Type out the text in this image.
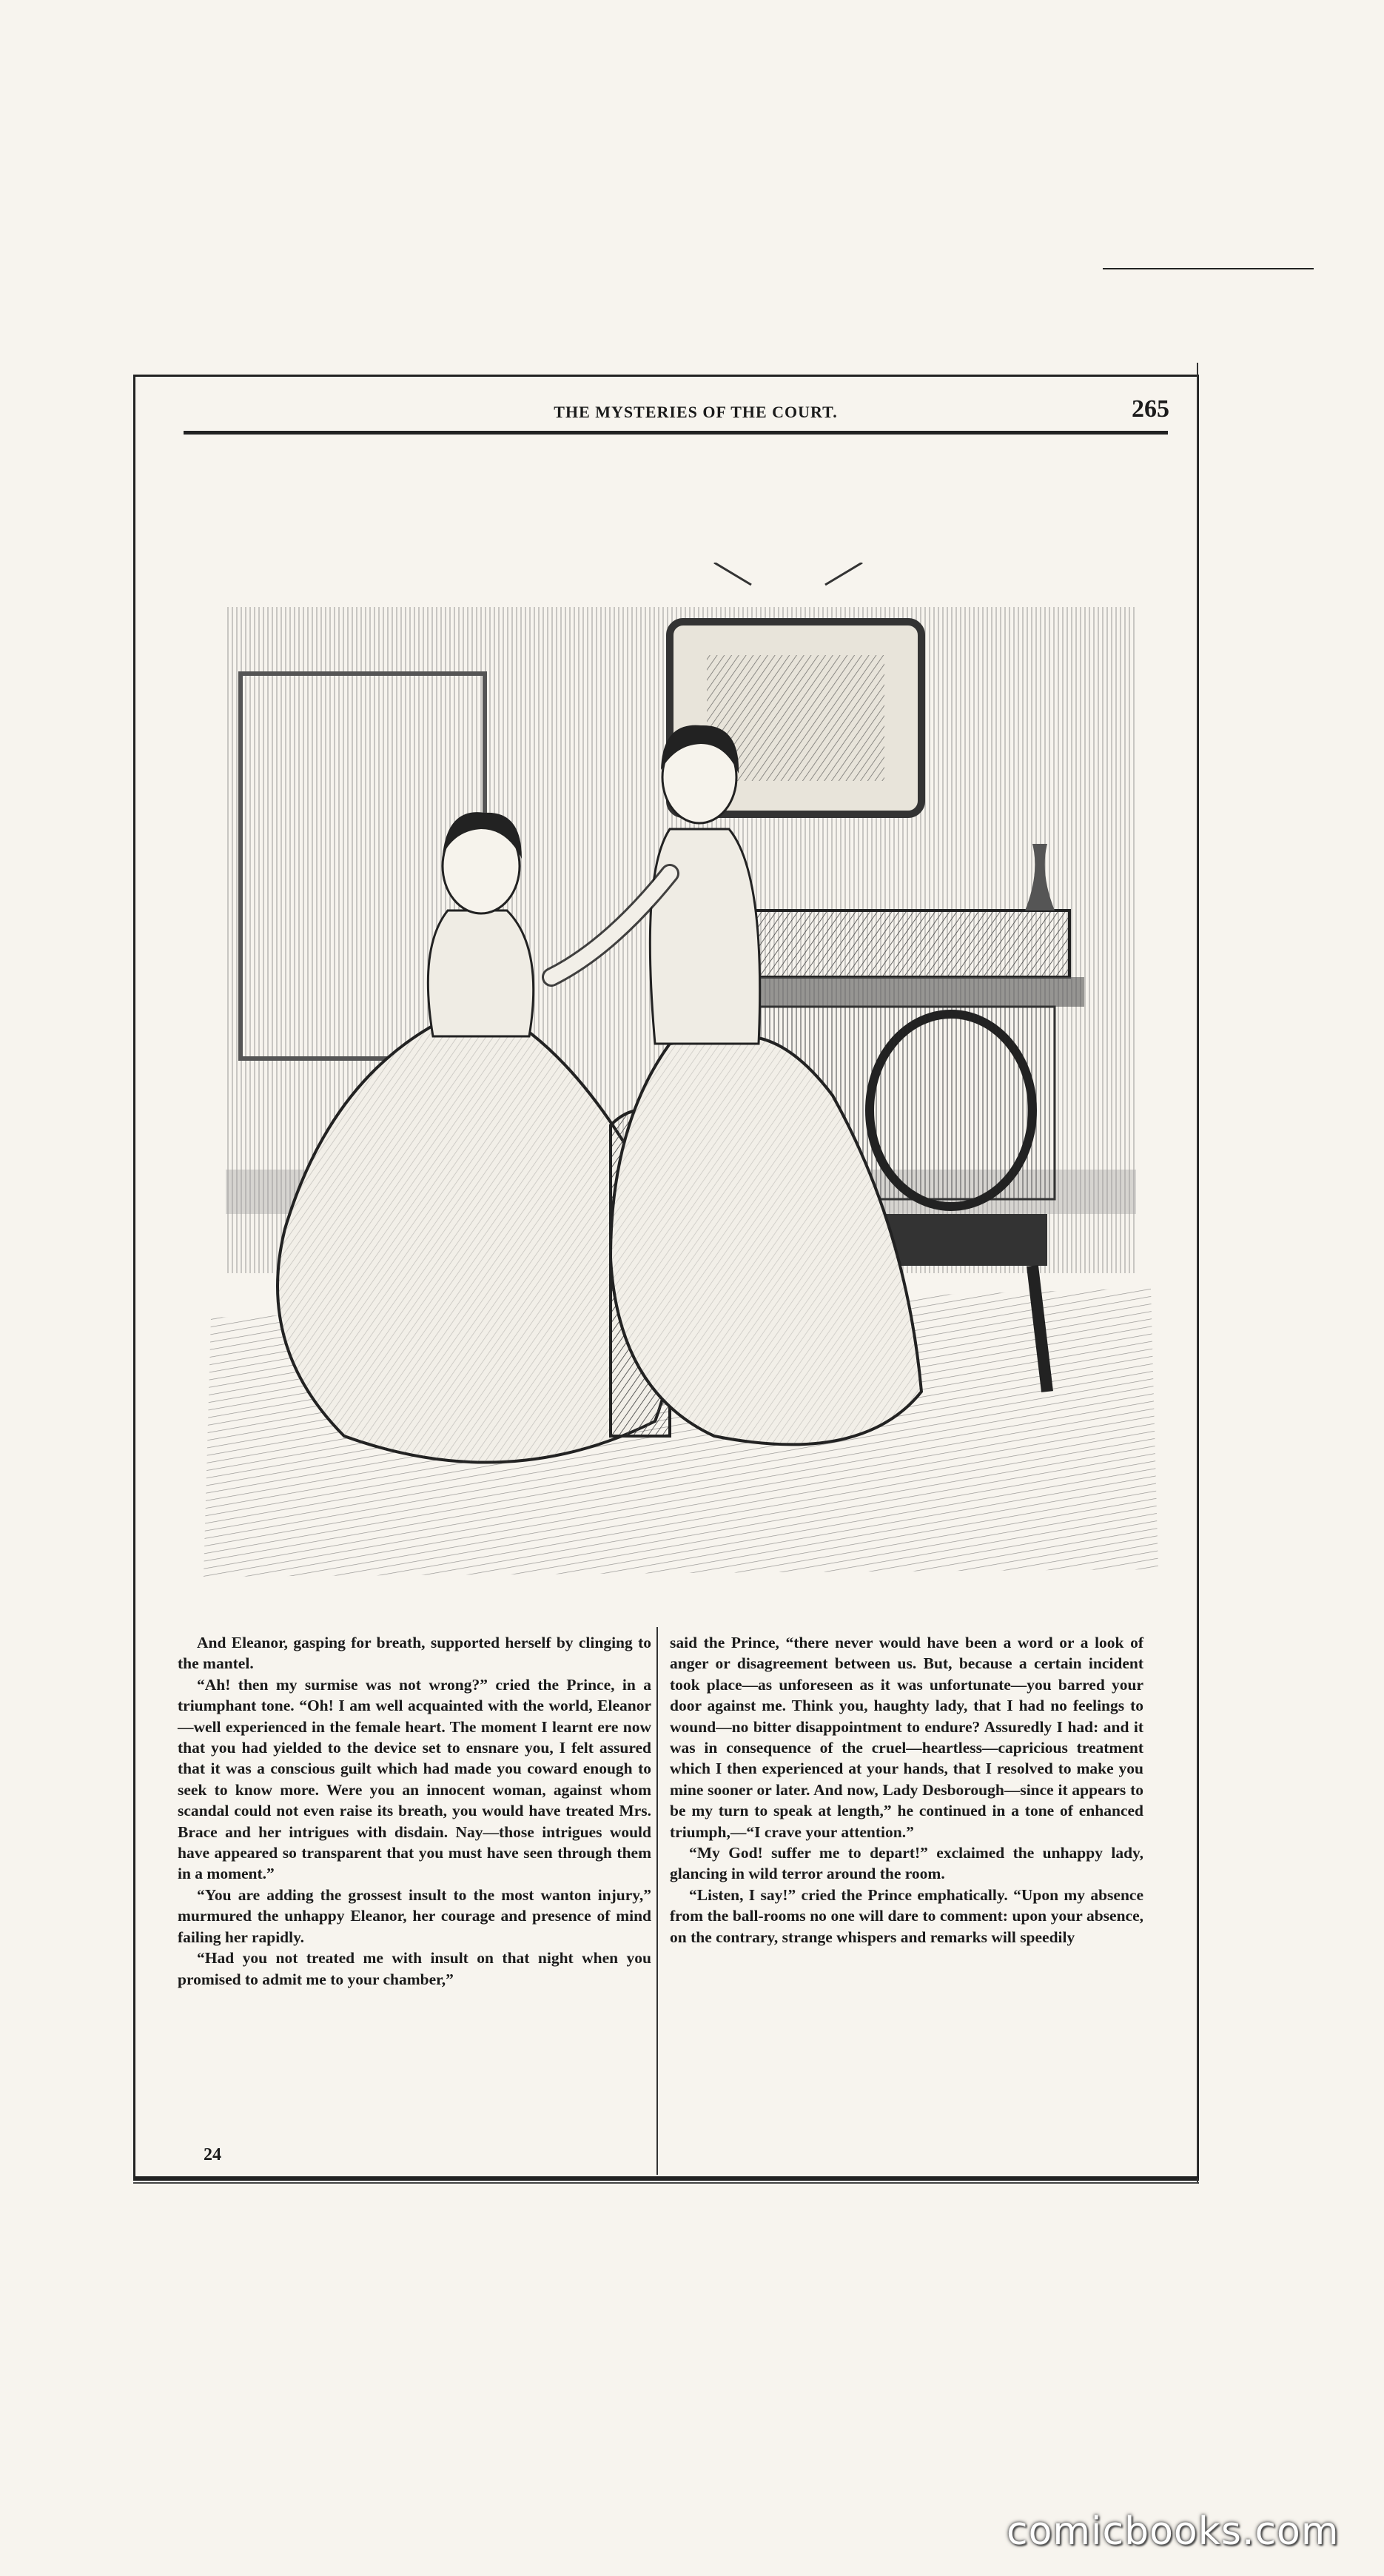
THE MYSTERIES OF THE COURT.	265

And Eleanor, gasping for breath, supported herself by clinging to the mantel.

“Ah! then my surmise was not wrong?” cried the Prince, in a triumphant tone. “Oh! I am well acquainted with the world, Eleanor—well experienced in the female heart. The moment I learnt ere now that you had yielded to the device set to ensnare you, I felt assured that it was a conscious guilt which had made you coward enough to seek to know more. Were you an innocent woman, against whom scandal could not even raise its breath, you would have treated Mrs. Brace and her intrigues with disdain. Nay—those intrigues would have appeared so transparent that you must have seen through them in a moment.”

“You are adding the grossest insult to the most wanton injury,” murmured the unhappy Eleanor, her courage and presence of mind failing her rapidly.

“Had you not treated me with insult on that night when you promised to admit me to your chamber,”

said the Prince, “there never would have been a word or a look of anger or disagreement between us. But, because a certain incident took place—as unforeseen as it was unfortunate—you barred your door against me. Think you, haughty lady, that I had no feelings to wound—no bitter disappointment to endure? Assuredly I had: and it was in consequence of the cruel—heartless—capricious treatment which I then experienced at your hands, that I resolved to make you mine sooner or later. And now, Lady Desborough—since it appears to be my turn to speak at length,” he continued in a tone of enhanced triumph,—“I crave your attention.”

“My God! suffer me to depart!” exclaimed the unhappy lady, glancing in wild terror around the room.

“Listen, I say!” cried the Prince emphatically. “Upon my absence from the ball-rooms no one will dare to comment: upon your absence, on the contrary, strange whispers and remarks will speedily

24
comicbooks.com
